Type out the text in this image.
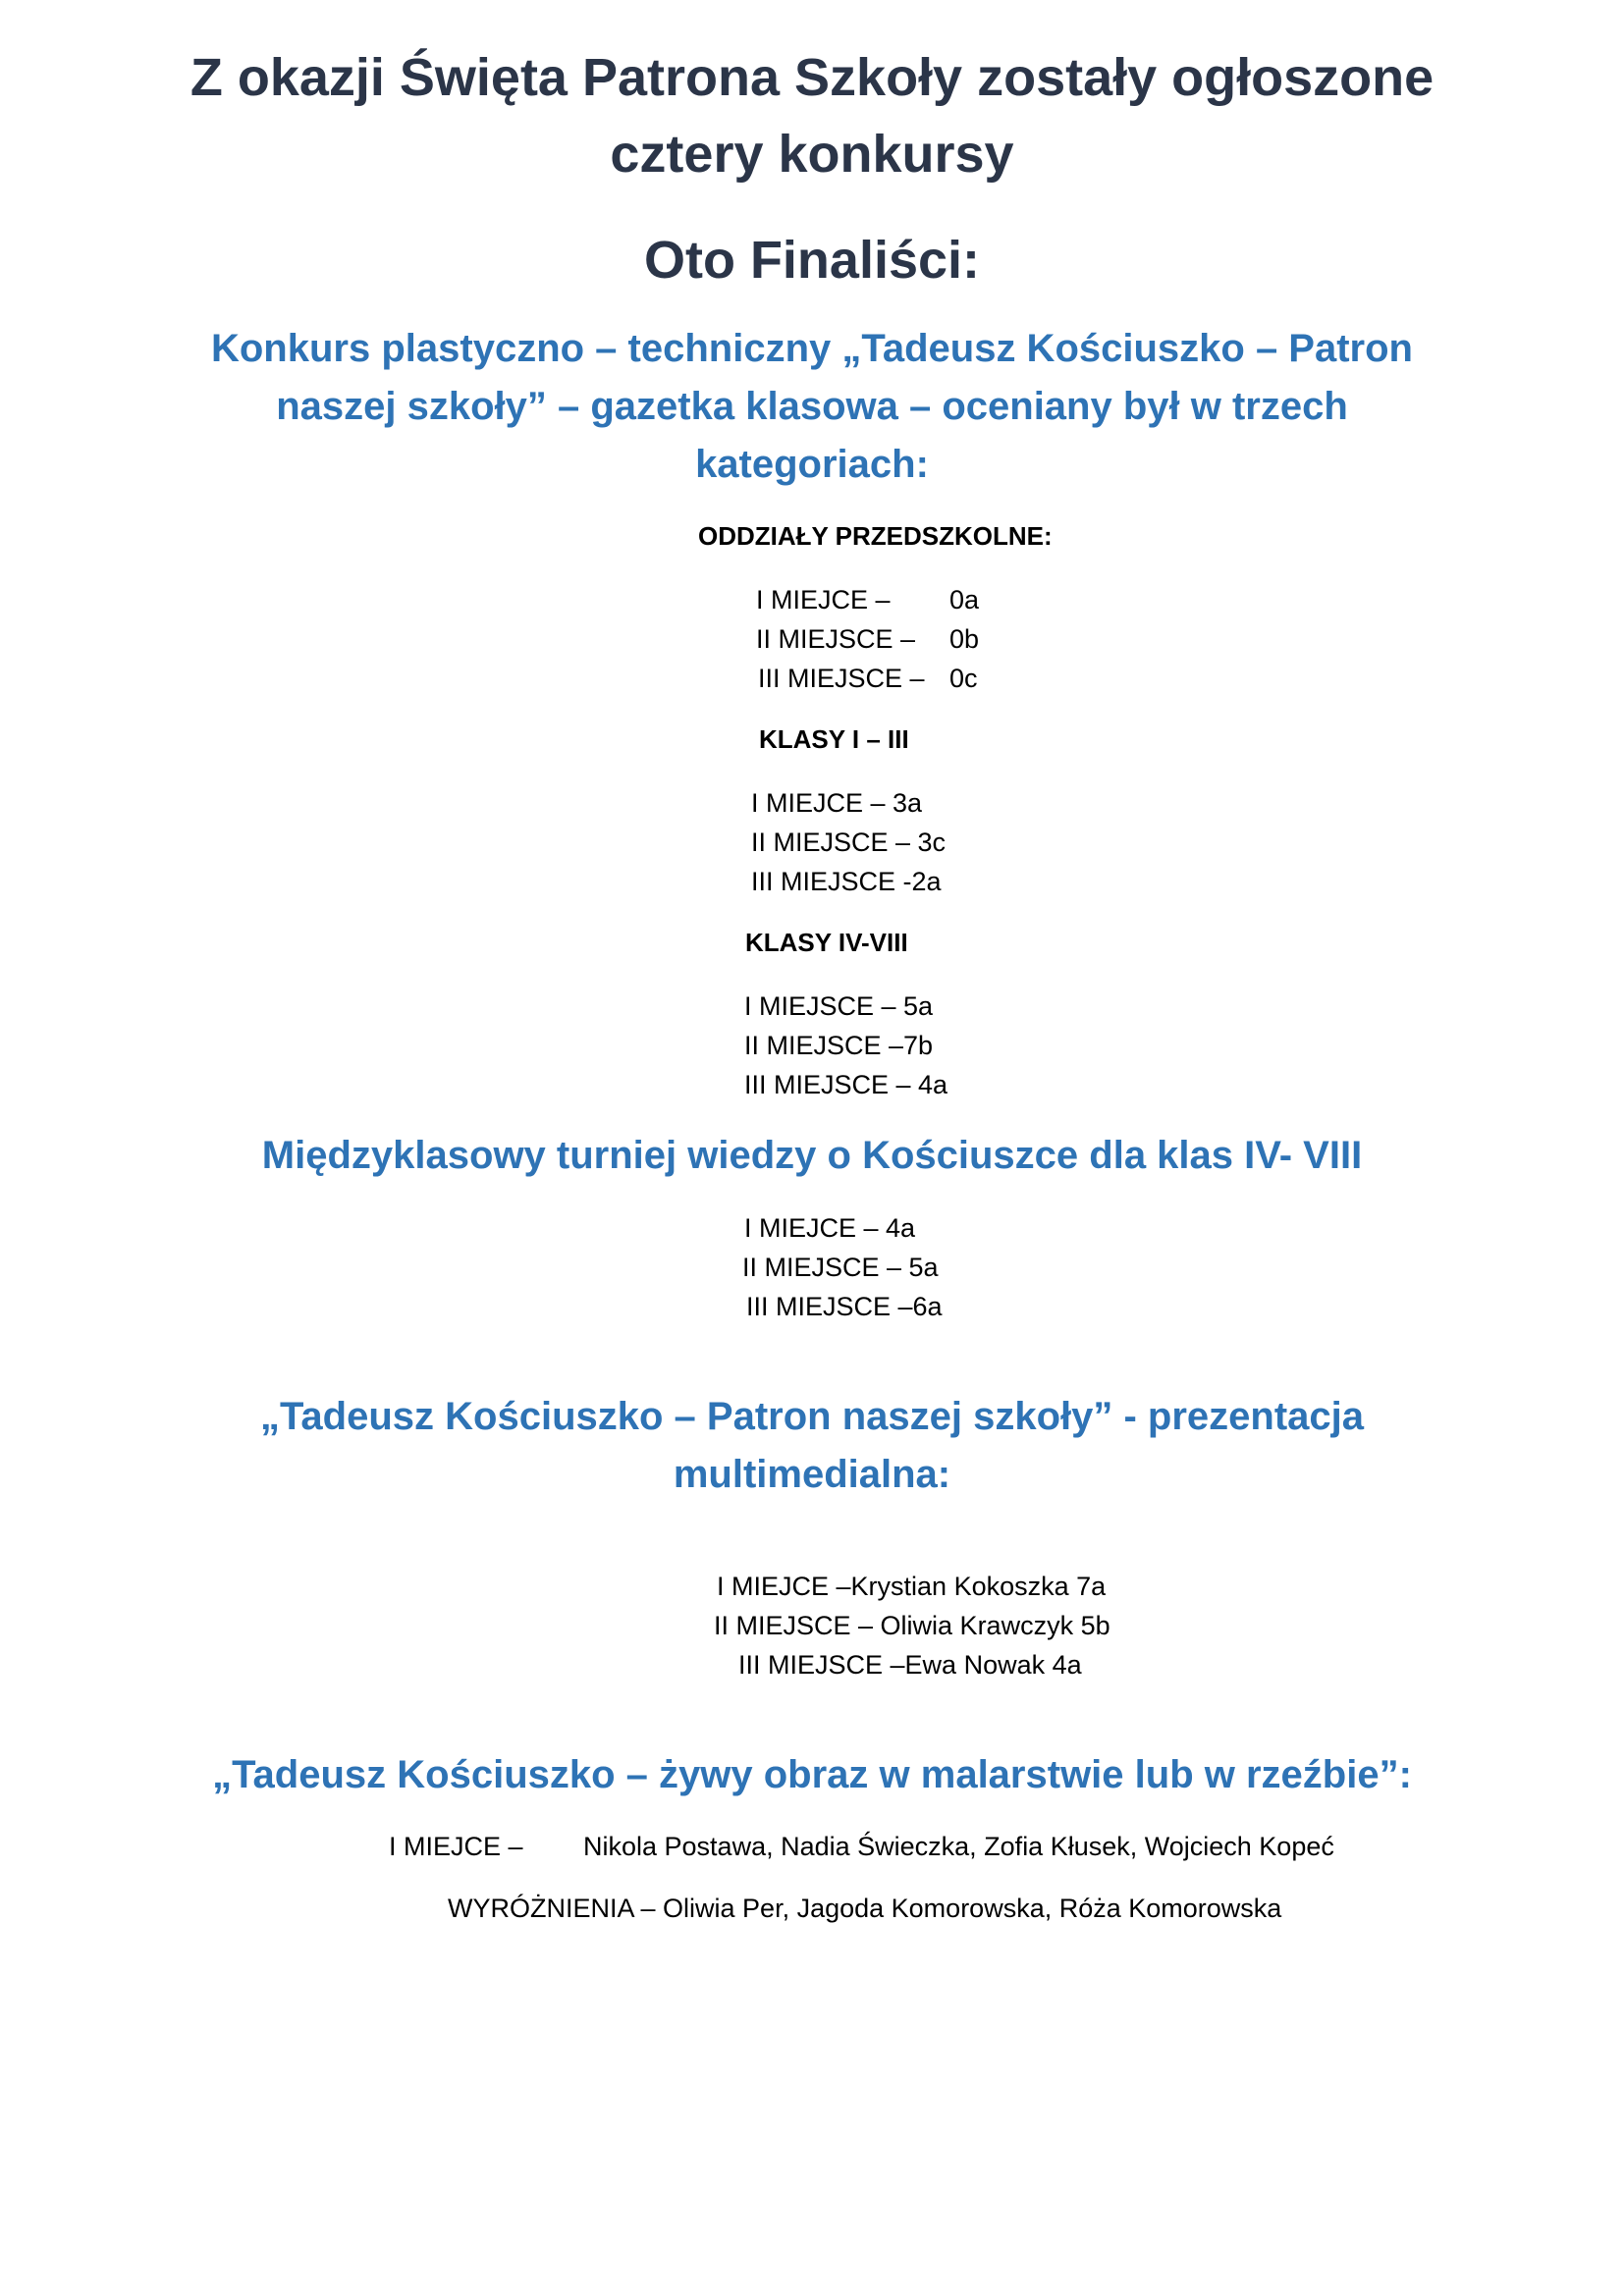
Z okazji Święta Patrona Szkoły zostały ogłoszone
cztery konkursy
Oto Finaliści:
Konkurs plastyczno – techniczny „Tadeusz Kościuszko – Patron
naszej szkoły” – gazetka klasowa – oceniany był w trzech
kategoriach:
ODDZIAŁY PRZEDSZKOLNE:
I MIEJCE – 0a
II MIEJSCE – 0b
III MIEJSCE – 0c
KLASY I – III
I MIEJCE – 3a
II MIEJSCE – 3c
III MIEJSCE -2a
KLASY IV-VIII
I MIEJSCE – 5a
II MIEJSCE –7b
III MIEJSCE – 4a
Międzyklasowy turniej wiedzy o Kościuszce dla klas IV- VIII
I MIEJCE – 4a
II MIEJSCE – 5a
III MIEJSCE –6a
„Tadeusz Kościuszko – Patron naszej szkoły” - prezentacja
multimedialna:
I MIEJCE –Krystian Kokoszka 7a
II MIEJSCE – Oliwia Krawczyk 5b
III MIEJSCE –Ewa Nowak 4a
„Tadeusz Kościuszko – żywy obraz w malarstwie lub w rzeźbie”:
I MIEJCE – Nikola Postawa, Nadia Świeczka, Zofia Kłusek, Wojciech Kopeć
WYRÓŻNIENIA – Oliwia Per, Jagoda Komorowska, Róża Komorowska
